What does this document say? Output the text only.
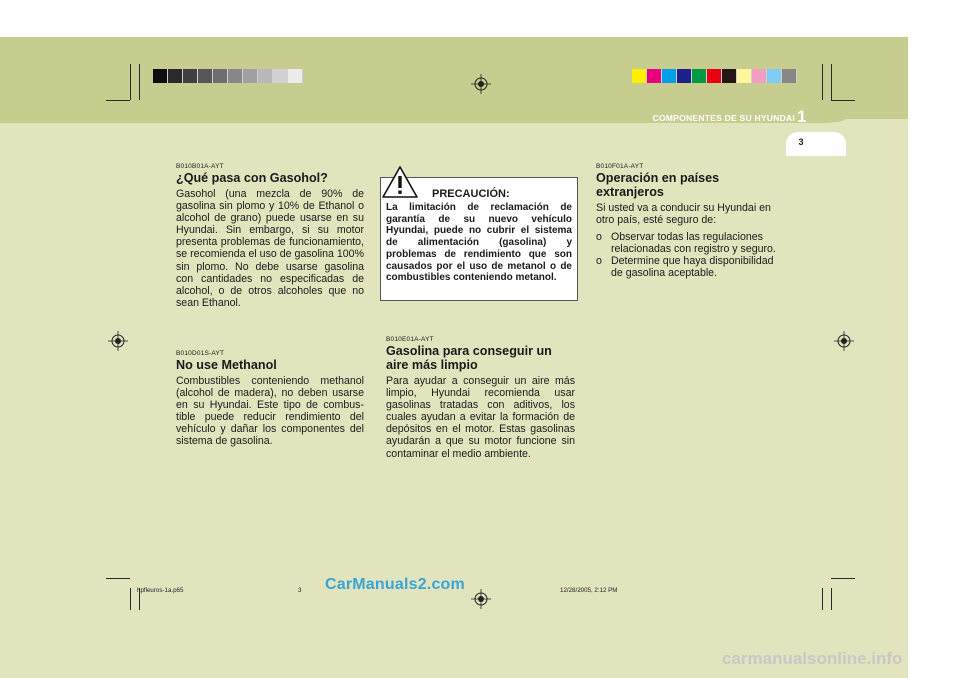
COMPONENTES DE SU HYUNDAI 1
3
B010B01A-AYT
¿Qué pasa con Gasohol?
Gasohol (una mezcla de 90% de gasolina sin plomo y 10% de Ethanol o alcohol de grano) puede usarse en su Hyundai. Sin embargo, si su motor presenta problemas de funcionamiento, se recomienda el uso de gasolina 100% sin plomo. No debe usarse gasolina con cantidades no especificadas de alcohol, o de otros alcoholes que no sean Ethanol.
B010D01S-AYT
No use Methanol
Combustibles conteniendo methanol (alcohol de madera), no deben usarse en su Hyundai. Este tipo de combus- tible puede reducir rendimiento del vehículo y dañar los componentes del sistema de gasolina.
PRECAUCIÓN:
La limitación de reclamación de garantía de su nuevo vehículo Hyundai, puede no cubrir el sistema de alimentación (gasolina) y problemas de rendimiento que son causados por el uso de metanol o de combustibles conteniendo metanol.
B010E01A-AYT
Gasolina para conseguir un aire más limpio
Para ayudar a conseguir un aire más limpio, Hyundai recomienda usar gasolinas tratadas con aditivos, los cuales ayudan a evitar la formación de depósitos en el motor. Estas gasolinas ayudarán a que su motor funcione sin contaminar el medio ambiente.
B010F01A-AYT
Operación en países extranjeros
Si usted va a conducir su Hyundai en otro país, esté seguro de:
o Observar todas las regulaciones relacionadas con registro y seguro.
o Determine que haya disponibilidad de gasolina aceptable.
hpfleuros-1a.p65	3	12/28/2005, 2:12 PM
CarManuals2.com
carmanualsonline.info
